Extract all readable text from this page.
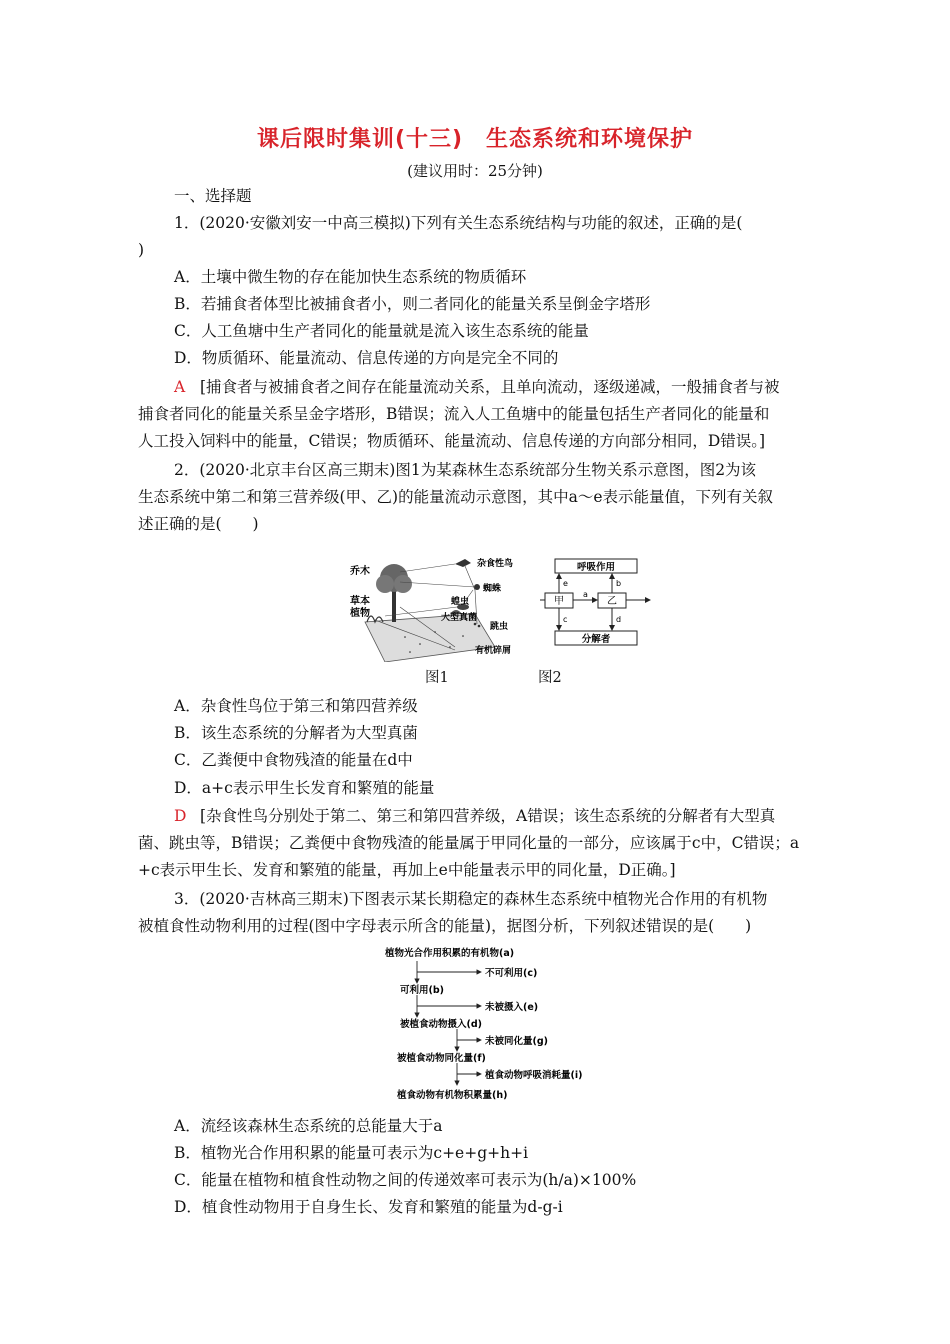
课后限时集训(十三)　生态系统和环境保护
(建议用时：25分钟)
一、选择题
1．(2020·安徽刘安一中高三模拟)下列有关生态系统结构与功能的叙述，正确的是(
)
A．土壤中微生物的存在能加快生态系统的物质循环
B．若捕食者体型比被捕食者小，则二者同化的能量关系呈倒金字塔形
C．人工鱼塘中生产者同化的能量就是流入该生态系统的能量
D．物质循环、能量流动、信息传递的方向是完全不同的
A [捕食者与被捕食者之间存在能量流动关系，且单向流动，逐级递减，一般捕食者与被
捕食者同化的能量关系呈金字塔形，B错误；流入人工鱼塘中的能量包括生产者同化的能量和
人工投入饲料中的能量，C错误；物质循环、能量流动、信息传递的方向部分相同，D错误。]
2．(2020·北京丰台区高三期末)图1为某森林生态系统部分生物关系示意图，图2为该
生态系统中第二和第三营养级(甲、乙)的能量流动示意图，其中a～e表示能量值，下列有关叙
述正确的是(　　)
乔木
杂食性鸟
蜘蛛
草本
植物
蝗虫
大型真菌
跳虫
有机碎屑
呼吸作用
甲	乙
分解者
a
b
c	d
e
图1	图2
A．杂食性鸟位于第三和第四营养级
B．该生态系统的分解者为大型真菌
C．乙粪便中食物残渣的能量在d中
D．a+c表示甲生长发育和繁殖的能量
D [杂食性鸟分别处于第二、第三和第四营养级，A错误；该生态系统的分解者有大型真
菌、跳虫等，B错误；乙粪便中食物残渣的能量属于甲同化量的一部分，应该属于c中，C错误；a
+c表示甲生长、发育和繁殖的能量，再加上e中能量表示甲的同化量，D正确。]
3．(2020·吉林高三期末)下图表示某长期稳定的森林生态系统中植物光合作用的有机物
被植食性动物利用的过程(图中字母表示所含的能量)，据图分析，下列叙述错误的是(　　)
植物光合作用积累的有机物(a)
不可利用(c)
可利用(b)
未被摄入(e)
被植食动物摄入(d)
未被同化量(g)
被植食动物同化量(f)
植食动物呼吸消耗量(i)
植食动物有机物积累量(h)
A．流经该森林生态系统的总能量大于a
B．植物光合作用积累的能量可表示为c+e+g+h+i
C．能量在植物和植食性动物之间的传递效率可表示为(h/a)×100%
D．植食性动物用于自身生长、发育和繁殖的能量为d-g-i
